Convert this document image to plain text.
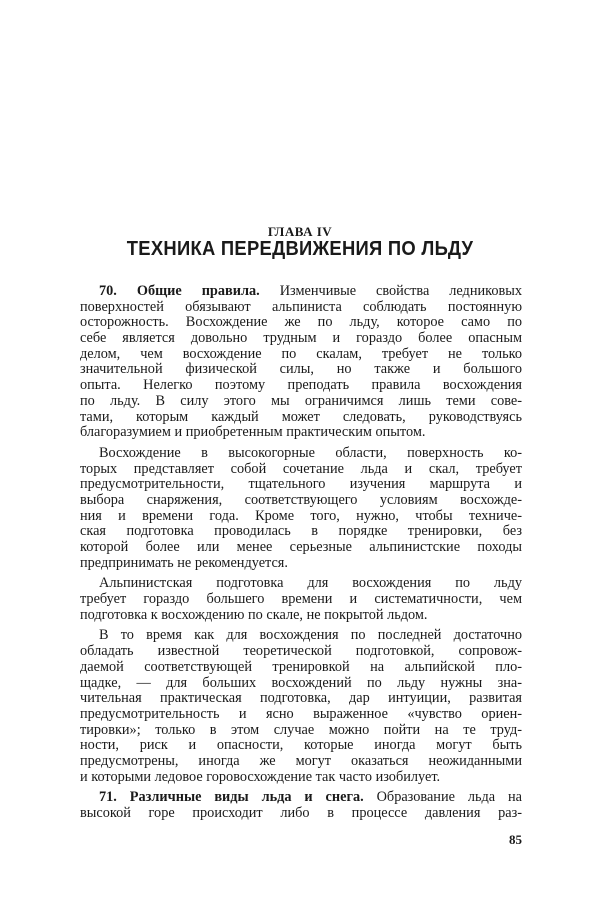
ГЛАВА IV
ТЕХНИКА ПЕРЕДВИЖЕНИЯ ПО ЛЬДУ
70. Общие правила. Изменчивые свойства ледниковых
поверхностей обязывают альпиниста соблюдать постоянную
осторожность. Восхождение же по льду, которое само по
себе является довольно трудным и гораздо более опасным
делом, чем восхождение по скалам, требует не только
значительной физической силы, но также и большого
опыта. Нелегко поэтому преподать правила восхождения
по льду. В силу этого мы ограничимся лишь теми сове-
тами, которым каждый может следовать, руководствуясь
благоразумием и приобретенным практическим опытом.
Восхождение в высокогорные области, поверхность ко-
торых представляет собой сочетание льда и скал, требует
предусмотрительности, тщательного изучения маршрута и
выбора снаряжения, соответствующего условиям восхожде-
ния и времени года. Кроме того, нужно, чтобы техниче-
ская подготовка проводилась в порядке тренировки, без
которой более или менее серьезные альпинистские походы
предпринимать не рекомендуется.
Альпинистская подготовка для восхождения по льду
требует гораздо большего времени и систематичности, чем
подготовка к восхождению по скале, не покрытой льдом.
В то время как для восхождения по последней достаточно
обладать известной теоретической подготовкой, сопровож-
даемой соответствующей тренировкой на альпийской пло-
щадке, — для больших восхождений по льду нужны зна-
чительная практическая подготовка, дар интуиции, развитая
предусмотрительность и ясно выраженное «чувство ориен-
тировки»; только в этом случае можно пойти на те труд-
ности, риск и опасности, которые иногда могут быть
предусмотрены, иногда же могут оказаться неожиданными
и которыми ледовое горовосхождение так часто изобилует.
71. Различные виды льда и снега. Образование льда на
высокой горе происходит либо в процессе давления раз-
85
